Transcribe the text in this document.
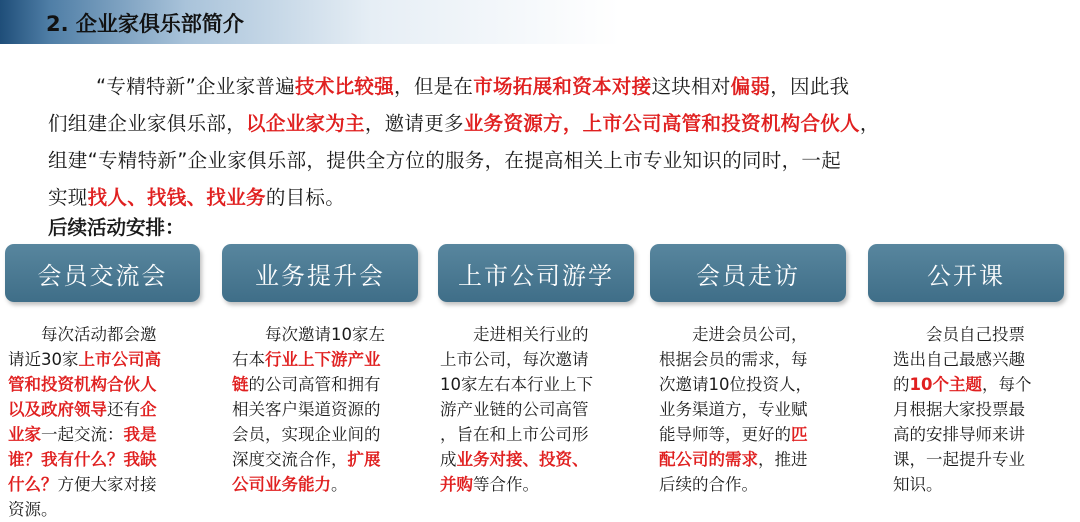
2. 企业家俱乐部简介

“专精特新”企业家普遍技术比较强，但是在市场拓展和资本对接这块相对偏弱，因此我

们组建企业家俱乐部，以企业家为主，邀请更多业务资源方，上市公司高管和投资机构合伙人，

组建“专精特新”企业家俱乐部，提供全方位的服务，在提高相关上市专业知识的同时，一起

实现找人、找钱、找业务的目标。

后续活动安排：
会员交流会	业务提升会	上市公司游学	会员走访	公开课
每次活动都会邀
请近30家上市公司高
管和投资机构合伙人
以及政府领导还有企
业家一起交流：我是
谁？我有什么？我缺
什么？方便大家对接
资源。
每次邀请10家左
右本行业上下游产业
链的公司高管和拥有
相关客户渠道资源的
会员，实现企业间的
深度交流合作，扩展
公司业务能力。
走进相关行业的
上市公司，每次邀请
10家左右本行业上下
游产业链的公司高管
，旨在和上市公司形
成业务对接、投资、
并购等合作。
走进会员公司，
根据会员的需求，每
次邀请10位投资人，
业务渠道方，专业赋
能导师等，更好的匹
配公司的需求，推进
后续的合作。
会员自己投票
选出自己最感兴趣
的10个主题，每个
月根据大家投票最
高的安排导师来讲
课，一起提升专业
知识。
